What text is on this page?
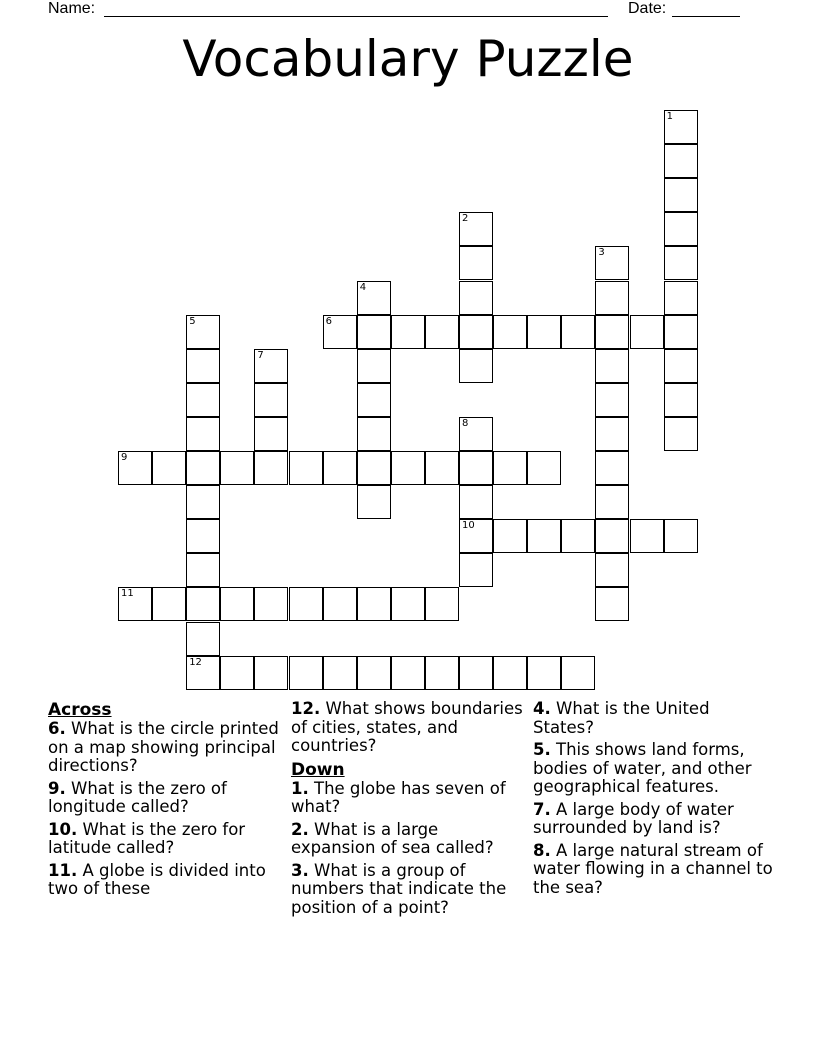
Name:	Date:
Vocabulary Puzzle
1
2
3
4
5
12
6
7
8
10
9
11
Across
6. What is the circle printed on a map showing principal directions?
9. What is the zero of longitude called?
10. What is the zero for latitude called?
11. A globe is divided into two of these
12. What shows boundaries of cities, states, and countries?
Down
1. The globe has seven of what?
2. What is a large expansion of sea called?
3. What is a group of numbers that indicate the position of a point?
4. What is the United States?
5. This shows land forms, bodies of water, and other geographical features.
7. A large body of water surrounded by land is?
8. A large natural stream of water flowing in a channel to the sea?
